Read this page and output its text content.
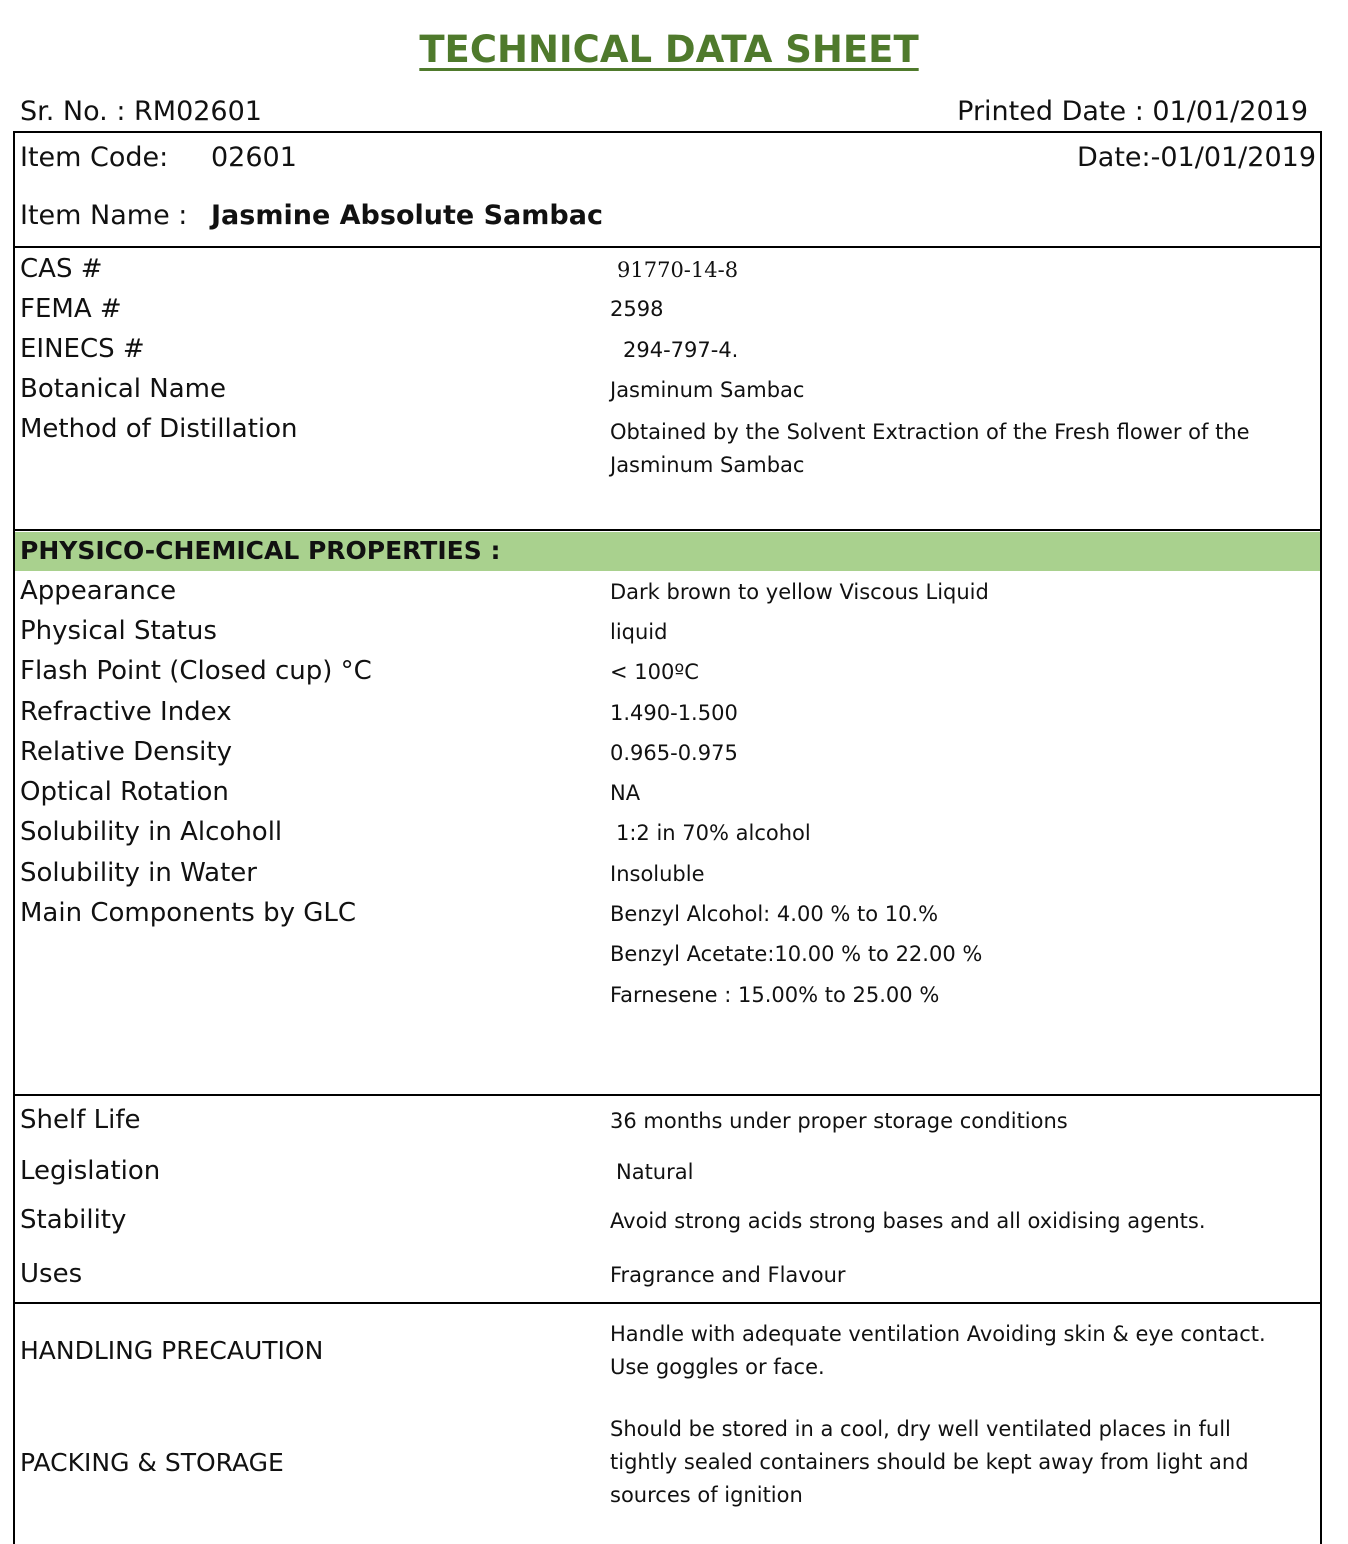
TECHNICAL DATA SHEET
Sr. No. : RM02601	Printed Date : 01/01/2019
Item Code: 02601	Date:-01/01/2019
Item Name : Jasmine Absolute Sambac
CAS #	91770-14-8
FEMA #	2598
EINECS #	294-797-4.
Botanical Name	Jasminum Sambac
Method of Distillation	Obtained by the Solvent Extraction of the Fresh flower of the Jasminum Sambac
PHYSICO-CHEMICAL PROPERTIES :
Appearance	Dark brown to yellow Viscous Liquid
Physical Status	liquid
Flash Point (Closed cup) °C	< 100ºC
Refractive Index	1.490-1.500
Relative Density	0.965-0.975
Optical Rotation	NA
Solubility in Alcoholl	1:2 in 70% alcohol
Solubility in Water	Insoluble
Main Components by GLC	Benzyl Alcohol: 4.00 % to 10.%
Benzyl Acetate:10.00 % to 22.00 %
Farnesene : 15.00% to 25.00 %
Shelf Life	36 months under proper storage conditions
Legislation	Natural
Stability	Avoid strong acids strong bases and all oxidising agents.
Uses	Fragrance and Flavour
HANDLING PRECAUTION
Handle with adequate ventilation Avoiding skin & eye contact. Use goggles or face.
PACKING & STORAGE
Should be stored in a cool, dry well ventilated places in full tightly sealed containers should be kept away from light and sources of ignition
